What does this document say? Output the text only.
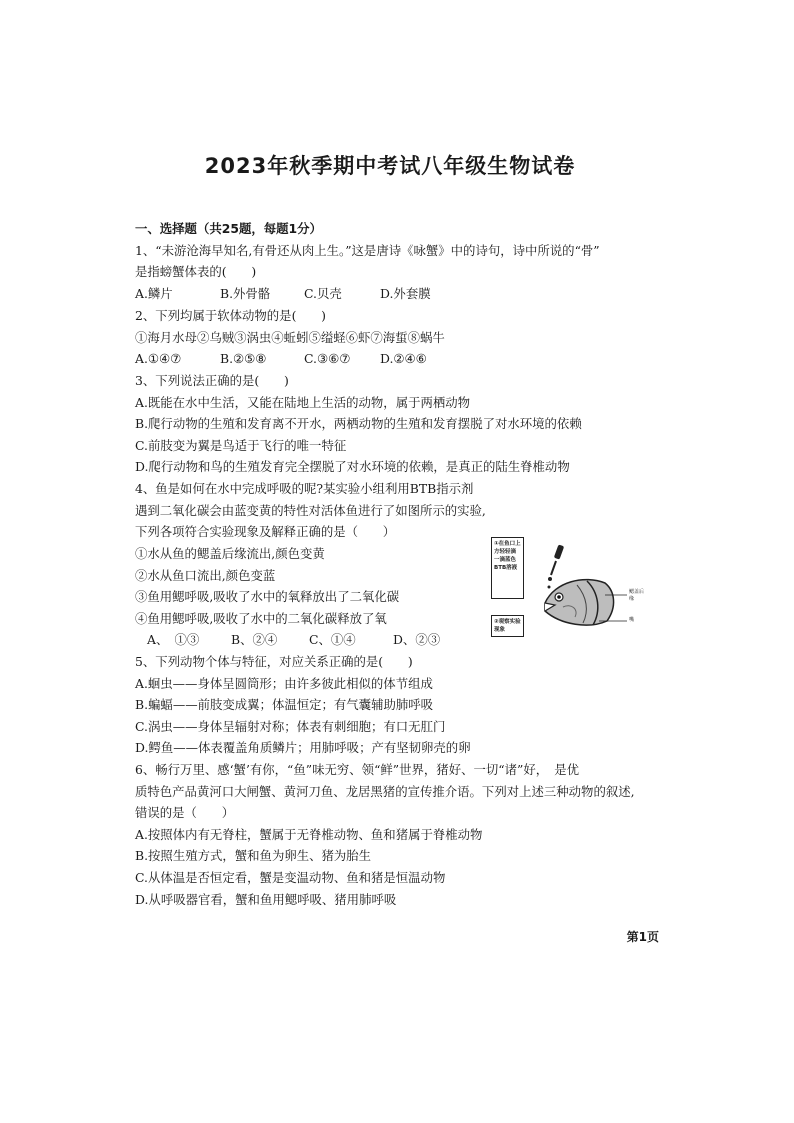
2023年秋季期中考试八年级生物试卷
一、选择题（共25题，每题1分）
1、“未游沧海早知名,有骨还从肉上生。”这是唐诗《咏蟹》中的诗句，诗中所说的“骨”
是指螃蟹体表的(　　)
A.鳞片	B.外骨骼	C.贝壳	D.外套膜
2、下列均属于软体动物的是(　　)
①海月水母②乌贼③涡虫④蚯蚓⑤缢蛏⑥虾⑦海蜇⑧蜗牛
A.①④⑦	B.②⑤⑧	C.③⑥⑦ D.②④⑥
3、下列说法正确的是(　　)
A.既能在水中生活，又能在陆地上生活的动物，属于两栖动物
B.爬行动物的生殖和发育离不开水，两栖动物的生殖和发育摆脱了对水环境的依赖
C.前肢变为翼是鸟适于飞行的唯一特征
D.爬行动物和鸟的生殖发育完全摆脱了对水环境的依赖，是真正的陆生脊椎动物
4、鱼是如何在水中完成呼吸的呢?某实验小组利用BTB指示剂
遇到二氧化碳会由蓝变黄的特性对活体鱼进行了如图所示的实验,
下列各项符合实验现象及解释正确的是（　　）
①水从鱼的鳃盖后缘流出,颜色变黄
②水从鱼口流出,颜色变蓝
③鱼用鳃呼吸,吸收了水中的氧释放出了二氧化碳
④鱼用鳃呼吸,吸收了水中的二氧化碳释放了氧
A、　①③	B、②④	C、①④	D、②③
①在鱼口上方轻轻滴一滴蓝色BTB溶液
②观察实验现象
鳃盖后缘
嘴
5、下列动物个体与特征，对应关系正确的是(　　)
A.蛔虫——身体呈圆筒形；由许多彼此相似的体节组成
B.蝙蝠——前肢变成翼；体温恒定；有气囊辅助肺呼吸
C.涡虫——身体呈辐射对称；体表有刺细胞；有口无肛门
D.鳄鱼——体表覆盖角质鳞片；用肺呼吸；产有坚韧卵壳的卵
6、畅行万里、感‘蟹’有你，“鱼”味无穷、领“鲜”世界，猪好、一切“诸”好，　是优
质特色产品黄河口大闸蟹、黄河刀鱼、龙居黑猪的宣传推介语。下列对上述三种动物的叙述,
错误的是（　　）
A.按照体内有无脊柱，蟹属于无脊椎动物、鱼和猪属于脊椎动物
B.按照生殖方式，蟹和鱼为卵生、猪为胎生
C.从体温是否恒定看，蟹是变温动物、鱼和猪是恒温动物
D.从呼吸器官看，蟹和鱼用鳃呼吸、猪用肺呼吸
第1页
